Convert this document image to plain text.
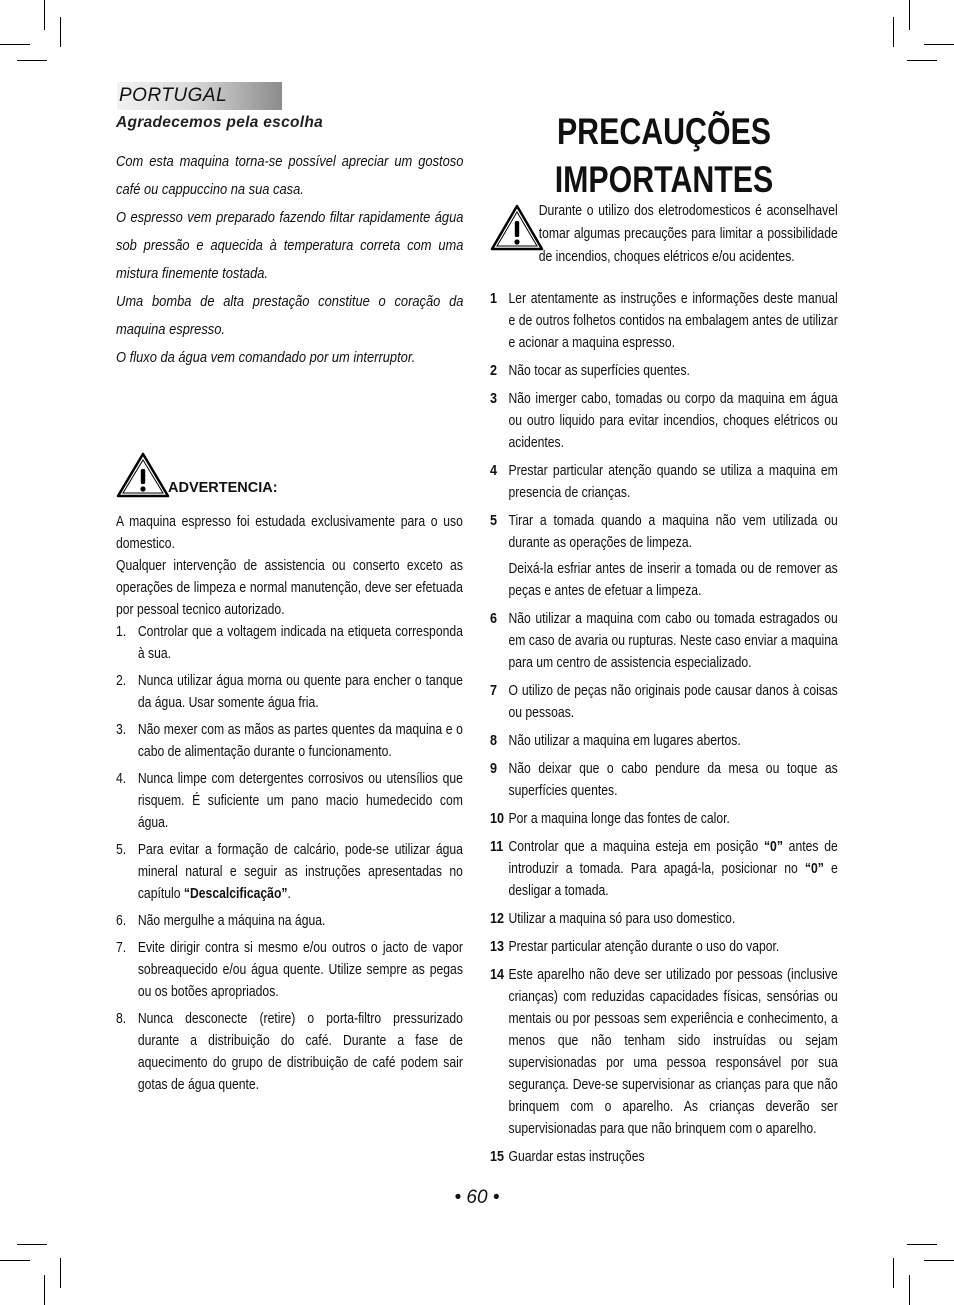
PORTUGAL
Agradecemos pela escolha
Com esta maquina torna-se possível apreciar um gostoso café ou cappuccino na sua casa.
O espresso vem preparado fazendo filtar rapidamente água sob pressão e aquecida à temperatura correta com uma mistura finemente tostada.
Uma bomba de alta prestação constitue o coração da maquina espresso.
O fluxo da água vem comandado por um interruptor.
ADVERTENCIA:

A maquina espresso foi estudada exclusivamente para o uso domestico.

Qualquer intervenção de assistencia ou conserto exceto as operações de limpeza e normal manutenção, deve ser efetuada por pessoal tecnico autorizado.

1. Controlar que a voltagem indicada na etiqueta corresponda à sua.
2. Nunca utilizar água morna ou quente para encher o tanque da água. Usar somente água fria.
3. Não mexer com as mãos as partes quentes da maquina e o cabo de alimentação durante o funcionamento.
4. Nunca limpe com detergentes corrosivos ou utensílios que risquem. É suficiente um pano macio humedecido com água.
5. Para evitar a formação de calcário, pode-se utilizar água mineral natural e seguir as instruções apresentadas no capítulo “Descalcificação”.
6. Não mergulhe a máquina na água.
7. Evite dirigir contra si mesmo e/ou outros o jacto de vapor sobreaquecido e/ou água quente. Utilize sempre as pegas ou os botões apropriados.
8. Nunca desconecte (retire) o porta-filtro pressurizado durante a distribuição do café. Durante a fase de aquecimento do grupo de distribuição de café podem sair gotas de água quente.
PRECAUÇÕES
IMPORTANTES
Durante o utilizo dos eletrodomesticos é aconselhavel tomar algumas precauções para limitar a possibilidade de incendios, choques elétricos e/ou acidentes.
1 Ler atentamente as instruções e informações deste manual e de outros folhetos contidos na embalagem antes de utilizar e acionar a maquina espresso.
2 Não tocar as superfícies quentes.
3 Não imerger cabo, tomadas ou corpo da maquina em água ou outro liquido para evitar incendios, choques elétricos ou acidentes.
4 Prestar particular atenção quando se utiliza a maquina em presencia de crianças.
5 Tirar a tomada quando a maquina não vem utilizada ou durante as operações de limpeza.
Deixá-la esfriar antes de inserir a tomada ou de remover as peças e antes de efetuar a limpeza.
6 Não utilizar a maquina com cabo ou tomada estragados ou em caso de avaria ou rupturas. Neste caso enviar a maquina para um centro de assistencia especializado.
7 O utilizo de peças não originais pode causar danos à coisas ou pessoas.
8 Não utilizar a maquina em lugares abertos.
9 Não deixar que o cabo pendure da mesa ou toque as superfícies quentes.
10 Por a maquina longe das fontes de calor.
11 Controlar que a maquina esteja em posição “0” antes de introduzir a tomada. Para apagá-la, posicionar no “0” e desligar a tomada.
12 Utilizar a maquina só para uso domestico.
13 Prestar particular atenção durante o uso do vapor.
14 Este aparelho não deve ser utilizado por pessoas (inclusive crianças) com reduzidas capacidades físicas, sensórias ou mentais ou por pessoas sem experiência e conhecimento, a menos que não tenham sido instruídas ou sejam supervisionadas por uma pessoa responsável por sua segurança. Deve-se supervisionar as crianças para que não brinquem com o aparelho. As crianças deverão ser supervisionadas para que não brinquem com o aparelho.
15 Guardar estas instruções
• 60 •
